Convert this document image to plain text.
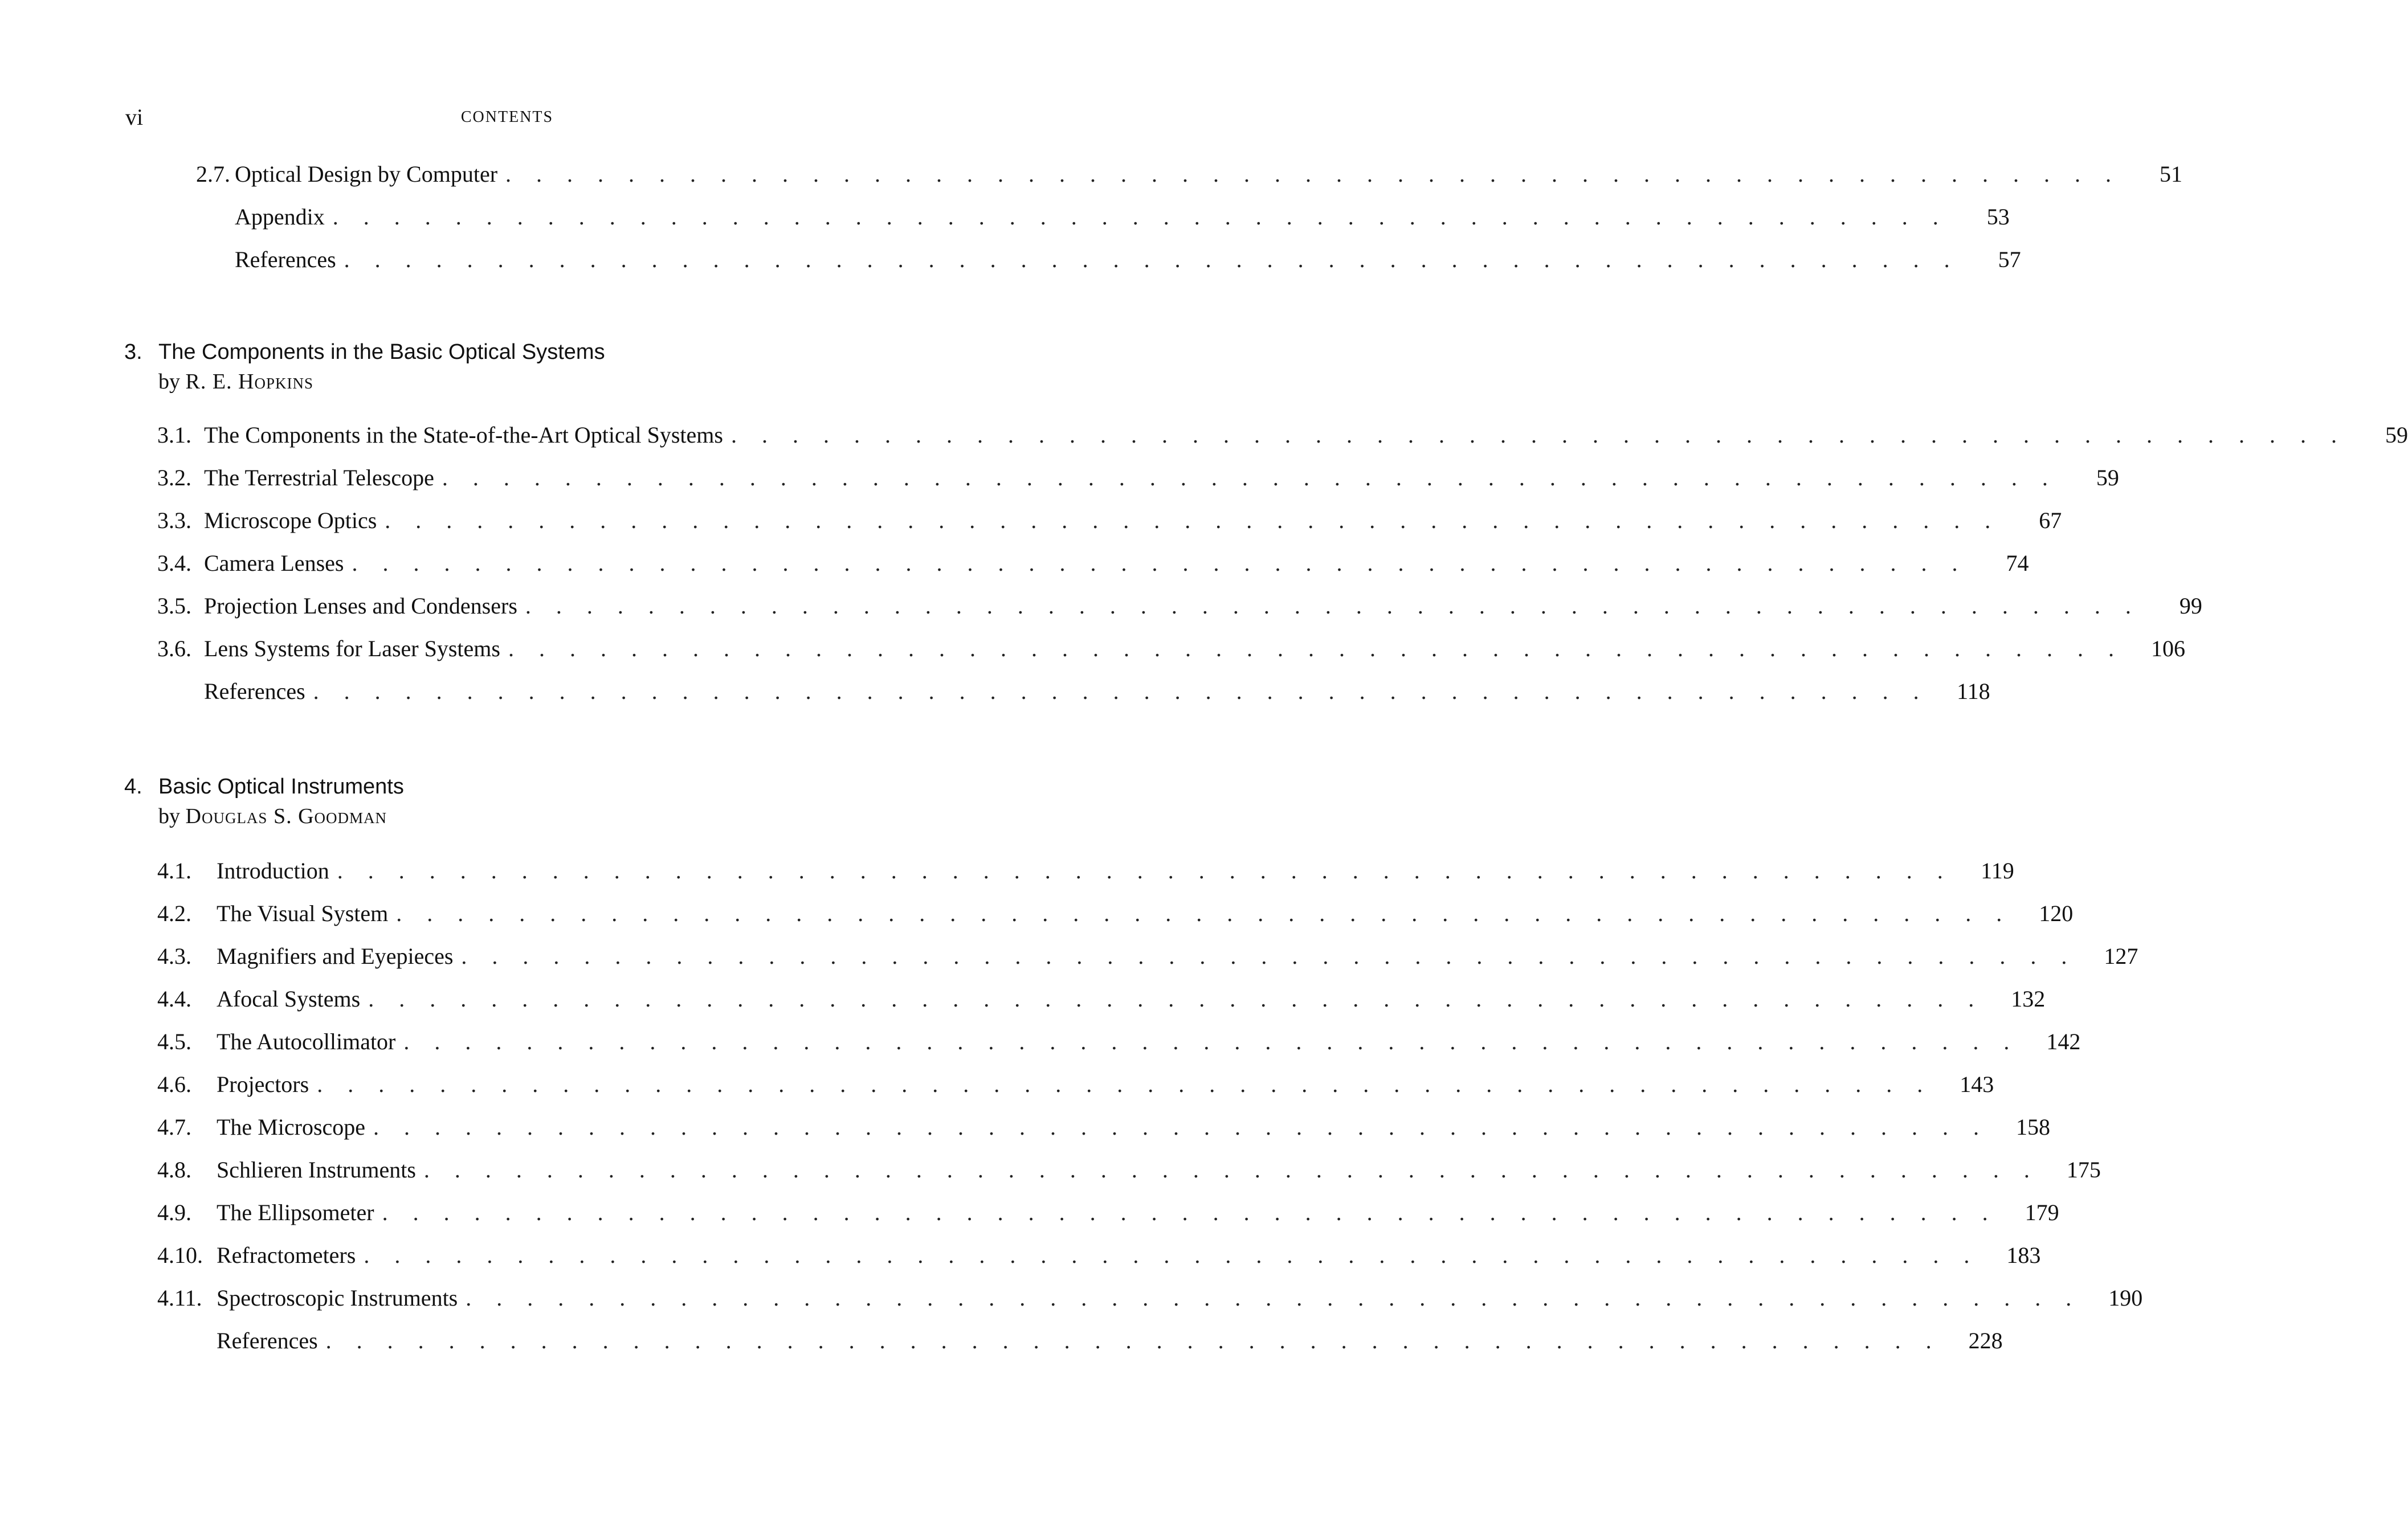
vi	CONTENTS
2.7. Optical Design by Computer . . . . . . . . . . . . . . . . . . . . . . . . . . . . . . . . . . . . . . . . . . . . . . . . . . . . .	51
Appendix . . . . . . . . . . . . . . . . . . . . . . . . . . . . . . . . . . . . . . . . . . . . . . . . . . . . .	53
References . . . . . . . . . . . . . . . . . . . . . . . . . . . . . . . . . . . . . . . . . . . . . . . . . . . . .	57
3. The Components in the Basic Optical Systems
by R. E. Hopkins
3.1. The Components in the State-of-the-Art Optical Systems . . . . . . . . . . . . . . . . . . . . . . . . . . . . . . . . . . . . . . . . . . . . . . . . . . . . .	59
3.2. The Terrestrial Telescope . . . . . . . . . . . . . . . . . . . . . . . . . . . . . . . . . . . . . . . . . . . . . . . . . . . . .	59
3.3. Microscope Optics . . . . . . . . . . . . . . . . . . . . . . . . . . . . . . . . . . . . . . . . . . . . . . . . . . . . .	67
3.4. Camera Lenses . . . . . . . . . . . . . . . . . . . . . . . . . . . . . . . . . . . . . . . . . . . . . . . . . . . . .	74
3.5. Projection Lenses and Condensers . . . . . . . . . . . . . . . . . . . . . . . . . . . . . . . . . . . . . . . . . . . . . . . . . . . . .	99
3.6. Lens Systems for Laser Systems . . . . . . . . . . . . . . . . . . . . . . . . . . . . . . . . . . . . . . . . . . . . . . . . . . . . .	106
References . . . . . . . . . . . . . . . . . . . . . . . . . . . . . . . . . . . . . . . . . . . . . . . . . . . . .	118
4. Basic Optical Instruments
by Douglas S. Goodman
4.1.	Introduction . . . . . . . . . . . . . . . . . . . . . . . . . . . . . . . . . . . . . . . . . . . . . . . . . . . . .	119
4.2.	The Visual System . . . . . . . . . . . . . . . . . . . . . . . . . . . . . . . . . . . . . . . . . . . . . . . . . . . . .	120
4.3.	Magnifiers and Eyepieces . . . . . . . . . . . . . . . . . . . . . . . . . . . . . . . . . . . . . . . . . . . . . . . . . . . . .	127
4.4.	Afocal Systems . . . . . . . . . . . . . . . . . . . . . . . . . . . . . . . . . . . . . . . . . . . . . . . . . . . . .	132
4.5.	The Autocollimator . . . . . . . . . . . . . . . . . . . . . . . . . . . . . . . . . . . . . . . . . . . . . . . . . . . . .	142
4.6.	Projectors . . . . . . . . . . . . . . . . . . . . . . . . . . . . . . . . . . . . . . . . . . . . . . . . . . . . .	143
4.7.	The Microscope . . . . . . . . . . . . . . . . . . . . . . . . . . . . . . . . . . . . . . . . . . . . . . . . . . . . .	158
4.8.	Schlieren Instruments . . . . . . . . . . . . . . . . . . . . . . . . . . . . . . . . . . . . . . . . . . . . . . . . . . . . .	175
4.9.	The Ellipsometer . . . . . . . . . . . . . . . . . . . . . . . . . . . . . . . . . . . . . . . . . . . . . . . . . . . . .	179
4.10. Refractometers . . . . . . . . . . . . . . . . . . . . . . . . . . . . . . . . . . . . . . . . . . . . . . . . . . . . .	183
4.11. Spectroscopic Instruments . . . . . . . . . . . . . . . . . . . . . . . . . . . . . . . . . . . . . . . . . . . . . . . . . . . . .	190
References . . . . . . . . . . . . . . . . . . . . . . . . . . . . . . . . . . . . . . . . . . . . . . . . . . . . .	228
